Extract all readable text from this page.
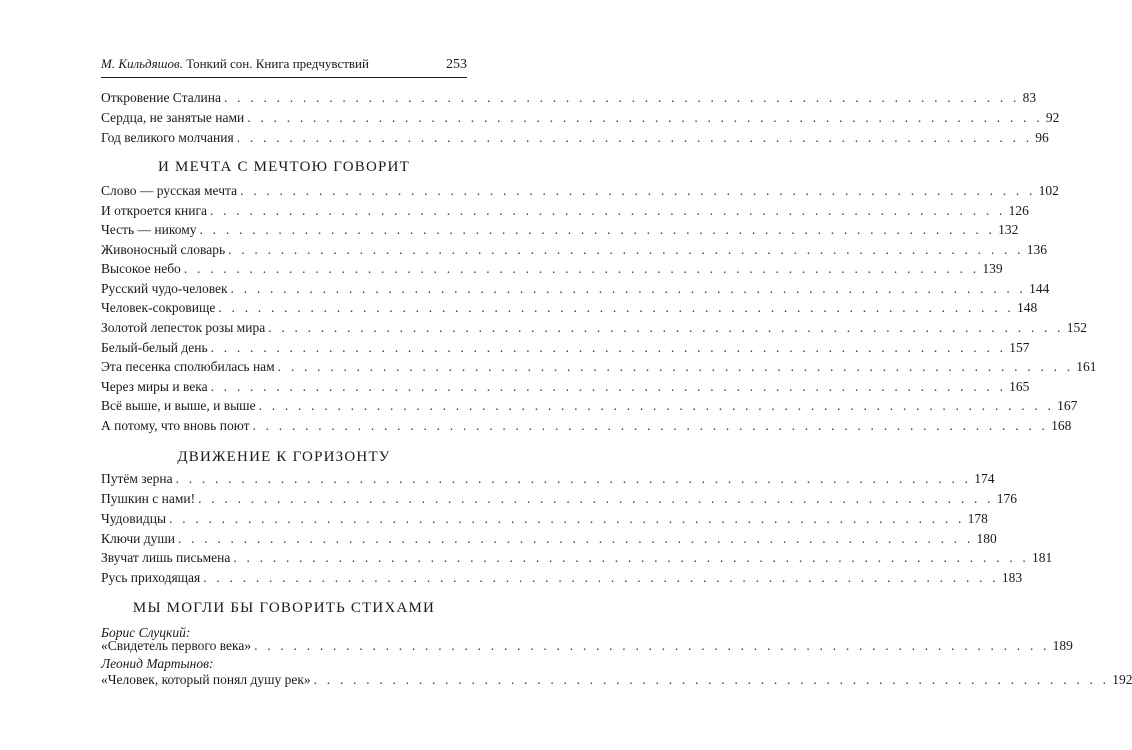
М. Кильдяшов. Тонкий сон. Книга предчувствий	253
Откровение Сталина . . . . . . . . . . . . . . . . . . . . . . . . . . . . . . . . . . . . . . . . . . . . . . . . . . . . . . . . . . . . . 83
Сердца, не занятые нами . . . . . . . . . . . . . . . . . . . . . . . . . . . . . . . . . . . . . . . . . . . . . . . . . . . . . . . . . . . . . 92
Год великого молчания . . . . . . . . . . . . . . . . . . . . . . . . . . . . . . . . . . . . . . . . . . . . . . . . . . . . . . . . . . . . . 96
И МЕЧТА С МЕЧТОЮ ГОВОРИТ
Слово — русская мечта . . . . . . . . . . . . . . . . . . . . . . . . . . . . . . . . . . . . . . . . . . . . . . . . . . . . . . . . . . . . . 102
И откроется книга . . . . . . . . . . . . . . . . . . . . . . . . . . . . . . . . . . . . . . . . . . . . . . . . . . . . . . . . . . . . . 126
Честь — никому . . . . . . . . . . . . . . . . . . . . . . . . . . . . . . . . . . . . . . . . . . . . . . . . . . . . . . . . . . . . . 132
Живоносный словарь . . . . . . . . . . . . . . . . . . . . . . . . . . . . . . . . . . . . . . . . . . . . . . . . . . . . . . . . . . . . . 136
Высокое небо . . . . . . . . . . . . . . . . . . . . . . . . . . . . . . . . . . . . . . . . . . . . . . . . . . . . . . . . . . . . . 139
Русский чудо-человек . . . . . . . . . . . . . . . . . . . . . . . . . . . . . . . . . . . . . . . . . . . . . . . . . . . . . . . . . . . . . 144
Человек-сокровище . . . . . . . . . . . . . . . . . . . . . . . . . . . . . . . . . . . . . . . . . . . . . . . . . . . . . . . . . . . . . 148
Золотой лепесток розы мира . . . . . . . . . . . . . . . . . . . . . . . . . . . . . . . . . . . . . . . . . . . . . . . . . . . . . . . . . . . . . 152
Белый-белый день . . . . . . . . . . . . . . . . . . . . . . . . . . . . . . . . . . . . . . . . . . . . . . . . . . . . . . . . . . . . . 157
Эта песенка сполюбилась нам . . . . . . . . . . . . . . . . . . . . . . . . . . . . . . . . . . . . . . . . . . . . . . . . . . . . . . . . . . . . . 161
Через миры и века . . . . . . . . . . . . . . . . . . . . . . . . . . . . . . . . . . . . . . . . . . . . . . . . . . . . . . . . . . . . . 165
Всё выше, и выше, и выше . . . . . . . . . . . . . . . . . . . . . . . . . . . . . . . . . . . . . . . . . . . . . . . . . . . . . . . . . . . . . 167
А потому, что вновь поют . . . . . . . . . . . . . . . . . . . . . . . . . . . . . . . . . . . . . . . . . . . . . . . . . . . . . . . . . . . . . 168
ДВИЖЕНИЕ К ГОРИЗОНТУ
Путём зерна . . . . . . . . . . . . . . . . . . . . . . . . . . . . . . . . . . . . . . . . . . . . . . . . . . . . . . . . . . . . . 174
Пушкин с нами! . . . . . . . . . . . . . . . . . . . . . . . . . . . . . . . . . . . . . . . . . . . . . . . . . . . . . . . . . . . . . 176
Чудовидцы . . . . . . . . . . . . . . . . . . . . . . . . . . . . . . . . . . . . . . . . . . . . . . . . . . . . . . . . . . . . . 178
Ключи души . . . . . . . . . . . . . . . . . . . . . . . . . . . . . . . . . . . . . . . . . . . . . . . . . . . . . . . . . . . . . 180
Звучат лишь письмена . . . . . . . . . . . . . . . . . . . . . . . . . . . . . . . . . . . . . . . . . . . . . . . . . . . . . . . . . . . . . 181
Русь приходящая . . . . . . . . . . . . . . . . . . . . . . . . . . . . . . . . . . . . . . . . . . . . . . . . . . . . . . . . . . . . . 183
МЫ МОГЛИ БЫ ГОВОРИТЬ СТИХАМИ
Борис Слуцкий:
«Свидетель первого века» . . . . . . . . . . . . . . . . . . . . . . . . . . . . . . . . . . . . . . . . . . . . . . . . . . . . . . . . . . . . . 189
Леонид Мартынов:
«Человек, который понял душу рек» . . . . . . . . . . . . . . . . . . . . . . . . . . . . . . . . . . . . . . . . . . . . . . . . . . . . . . . . . . . . . 192
